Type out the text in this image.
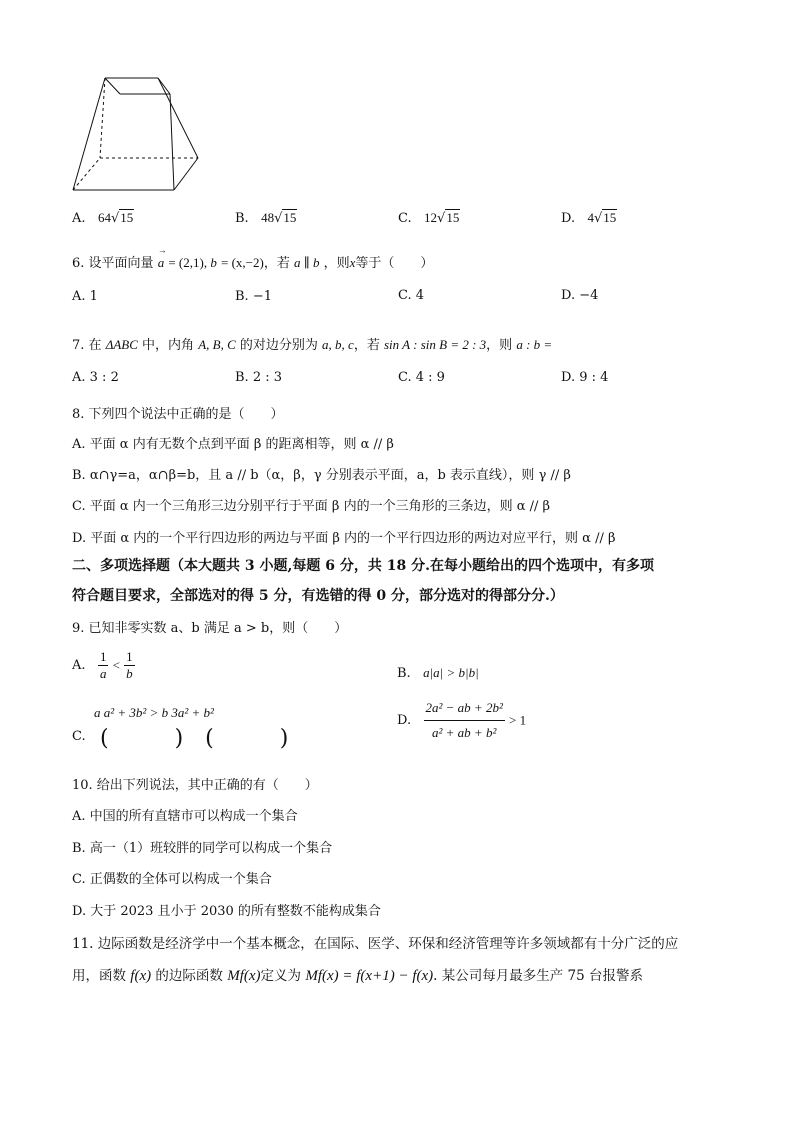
A. 64√15	B. 48√15	C. 12√15	D. 4√15
6. 设平面向量
→
a = (2,1), b = (x,−2)，若 a ∥ b ，则x等于（　　）
A. 1	B. −1	C. 4	D. −4
7. 在 ΔABC 中，内角 A, B, C 的对边分别为 a, b, c，若 sin A : sin B = 2 : 3，则 a : b =
A. 3 : 2	B. 2 : 3	C. 4 : 9	D. 9 : 4
8. 下列四个说法中正确的是（　　）
A. 平面 α 内有无数个点到平面 β 的距离相等，则 α // β
B. α∩γ=a，α∩β=b，且 a // b（α，β，γ 分别表示平面，a，b 表示直线），则 γ // β
C. 平面 α 内一个三角形三边分别平行于平面 β 内的一个三角形的三条边，则 α // β
D. 平面 α 内的一个平行四边形的两边与平面 β 内的一个平行四边形的两边对应平行，则 α // β
二、多项选择题（本大题共 3 小题,每题 6 分，共 18 分.在每小题给出的四个选项中，有多项
符合题目要求，全部选对的得 5 分，有选错的得 0 分，部分选对的得部分分.）
9. 已知非零实数 a、b 满足 a > b，则（　　）
A. $\frac{1}{a} < \frac{1}{b}$	B. a|a| > b|b|
a a² + 3b² > b 3a² + b²
C. (　　　)　(　　　)
D. $\frac{\text{2a² − ab + 2b²}}{\text{a² + ab + b²}} > 1$
10. 给出下列说法，其中正确的有（　　）
A. 中国的所有直辖市可以构成一个集合
B. 高一（1）班较胖的同学可以构成一个集合
C. 正偶数的全体可以构成一个集合
D. 大于 2023 且小于 2030 的所有整数不能构成集合
11. 边际函数是经济学中一个基本概念，在国际、医学、环保和经济管理等许多领域都有十分广泛的应
用，函数 f(x) 的边际函数 Mf(x)定义为 Mf(x) = f(x+1) − f(x). 某公司每月最多生产 75 台报警系
